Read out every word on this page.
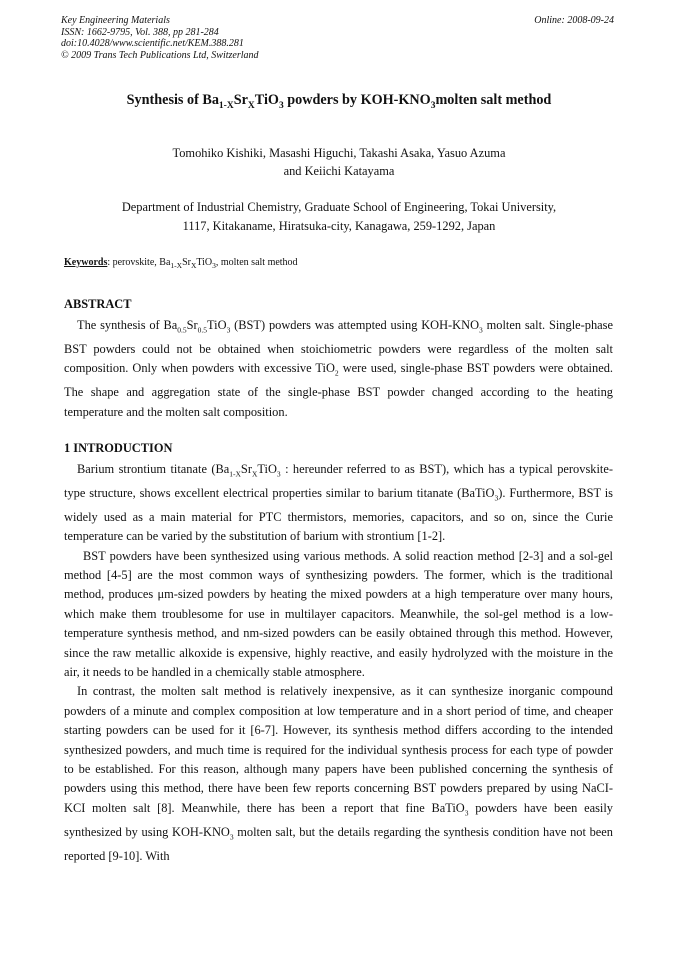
Key Engineering Materials
ISSN: 1662-9795, Vol. 388, pp 281-284
doi:10.4028/www.scientific.net/KEM.388.281
© 2009 Trans Tech Publications Ltd, Switzerland
Online: 2008-09-24
Synthesis of $Ba_{1-X}Sr_XTiO_3$ powders by KOH-$KNO_3molten$ salt method
Tomohiko Kishiki, Masashi Higuchi, Takashi Asaka, Yasuo Azuma
and Keiichi Katayama
Department of Industrial Chemistry, Graduate School of Engineering, Tokai University,
1117, Kitakaname, Hiratsuka-city, Kanagawa, 259-1292, Japan
Keywords: perovskite, $Ba_{1-X}Sr_XTiO_3$, molten salt method
ABSTRACT

The synthesis of $Ba_{0.5}Sr_{0.5}TiO_3$ (BST) powders was attempted using KOH-$KNO_3$ molten salt. Single-phase BST powders could not be obtained when stoichiometric powders were regardless of the molten salt composition. Only when powders with excessive TiO$_2$ were used, single-phase BST powders were obtained. The shape and aggregation state of the single-phase BST powder changed according to the heating temperature and the molten salt composition.

1 INTRODUCTION

Barium strontium titanate ($Ba_{1-X}Sr_XTiO_3$ : hereunder referred to as BST), which has a typical perovskite-type structure, shows excellent electrical properties similar to barium titanate (BaTiO$_3$). Furthermore, BST is widely used as a main material for PTC thermistors, memories, capacitors, and so on, since the Curie temperature can be varied by the substitution of barium with strontium [1-2].

BST powders have been synthesized using various methods. A solid reaction method [2-3] and a sol-gel method [4-5] are the most common ways of synthesizing powders. The former, which is the traditional method, produces μm-sized powders by heating the mixed powders at a high temperature over many hours, which make them troublesome for use in multilayer capacitors. Meanwhile, the sol-gel method is a low-temperature synthesis method, and nm-sized powders can be easily obtained through this method. However, since the raw metallic alkoxide is expensive, highly reactive, and easily hydrolyzed with the moisture in the air, it needs to be handled in a chemically stable atmosphere.

In contrast, the molten salt method is relatively inexpensive, as it can synthesize inorganic compound powders of a minute and complex composition at low temperature and in a short period of time, and cheaper starting powders can be used for it [6-7]. However, its synthesis method differs according to the intended synthesized powders, and much time is required for the individual synthesis process for each type of powder to be established. For this reason, although many papers have been published concerning the synthesis of powders using this method, there have been few reports concerning BST powders prepared by using NaCI-KCI molten salt [8]. Meanwhile, there has been a report that fine BaTiO$_3$ powders have been easily synthesized by using KOH-$KNO_3$ molten salt, but the details regarding the synthesis condition have not been reported [9-10]. With
